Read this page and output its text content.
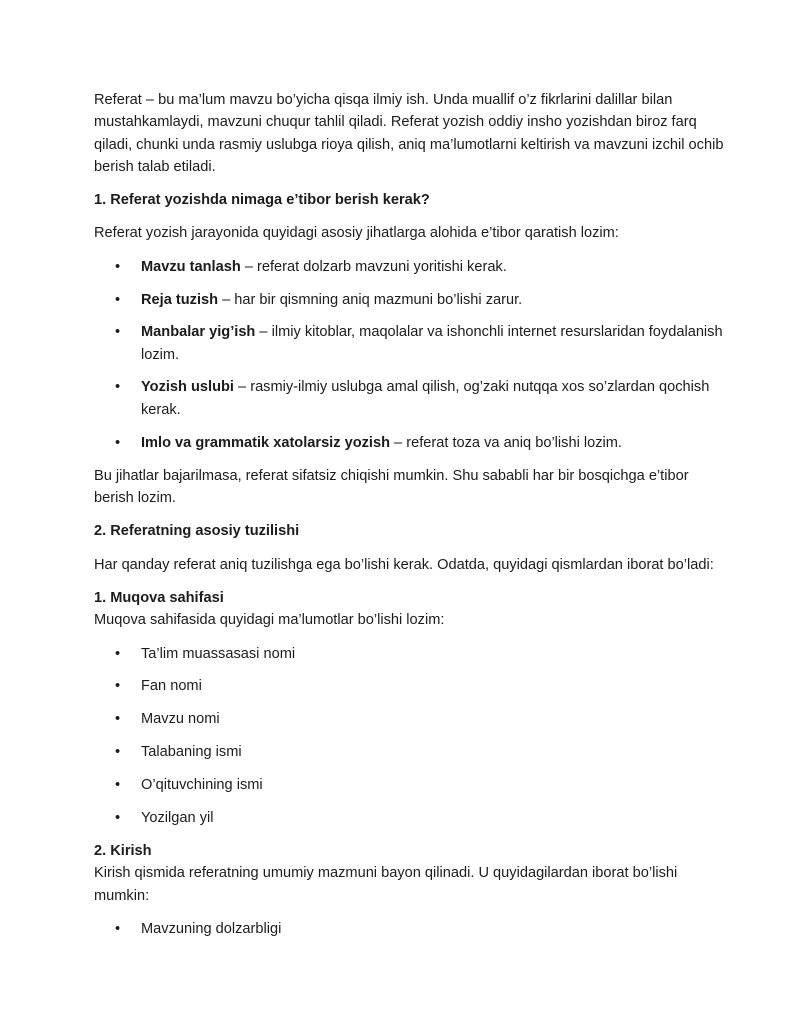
Referat – bu ma’lum mavzu bo’yicha qisqa ilmiy ish. Unda muallif o’z fikrlarini dalillar bilan mustahkamlaydi, mavzuni chuqur tahlil qiladi. Referat yozish oddiy insho yozishdan biroz farq qiladi, chunki unda rasmiy uslubga rioya qilish, aniq ma’lumotlarni keltirish va mavzuni izchil ochib berish talab etiladi.

1. Referat yozishda nimaga e’tibor berish kerak?

Referat yozish jarayonida quyidagi asosiy jihatlarga alohida e’tibor qaratish lozim:

• Mavzu tanlash – referat dolzarb mavzuni yoritishi kerak.
• Reja tuzish – har bir qismning aniq mazmuni bo’lishi zarur.
• Manbalar yig’ish – ilmiy kitoblar, maqolalar va ishonchli internet resurslaridan foydalanish lozim.
• Yozish uslubi – rasmiy-ilmiy uslubga amal qilish, og’zaki nutqqa xos so’zlardan qochish kerak.
• Imlo va grammatik xatolarsiz yozish – referat toza va aniq bo’lishi lozim.

Bu jihatlar bajarilmasa, referat sifatsiz chiqishi mumkin. Shu sababli har bir bosqichga e’tibor berish lozim.

2. Referatning asosiy tuzilishi

Har qanday referat aniq tuzilishga ega bo’lishi kerak. Odatda, quyidagi qismlardan iborat bo’ladi:

1. Muqova sahifasi

Muqova sahifasida quyidagi ma’lumotlar bo’lishi lozim:

• Ta’lim muassasasi nomi
• Fan nomi
• Mavzu nomi
• Talabaning ismi
• O’qituvchining ismi
• Yozilgan yil

2. Kirish

Kirish qismida referatning umumiy mazmuni bayon qilinadi. U quyidagilardan iborat bo’lishi mumkin:

• Mavzuning dolzarbligi
